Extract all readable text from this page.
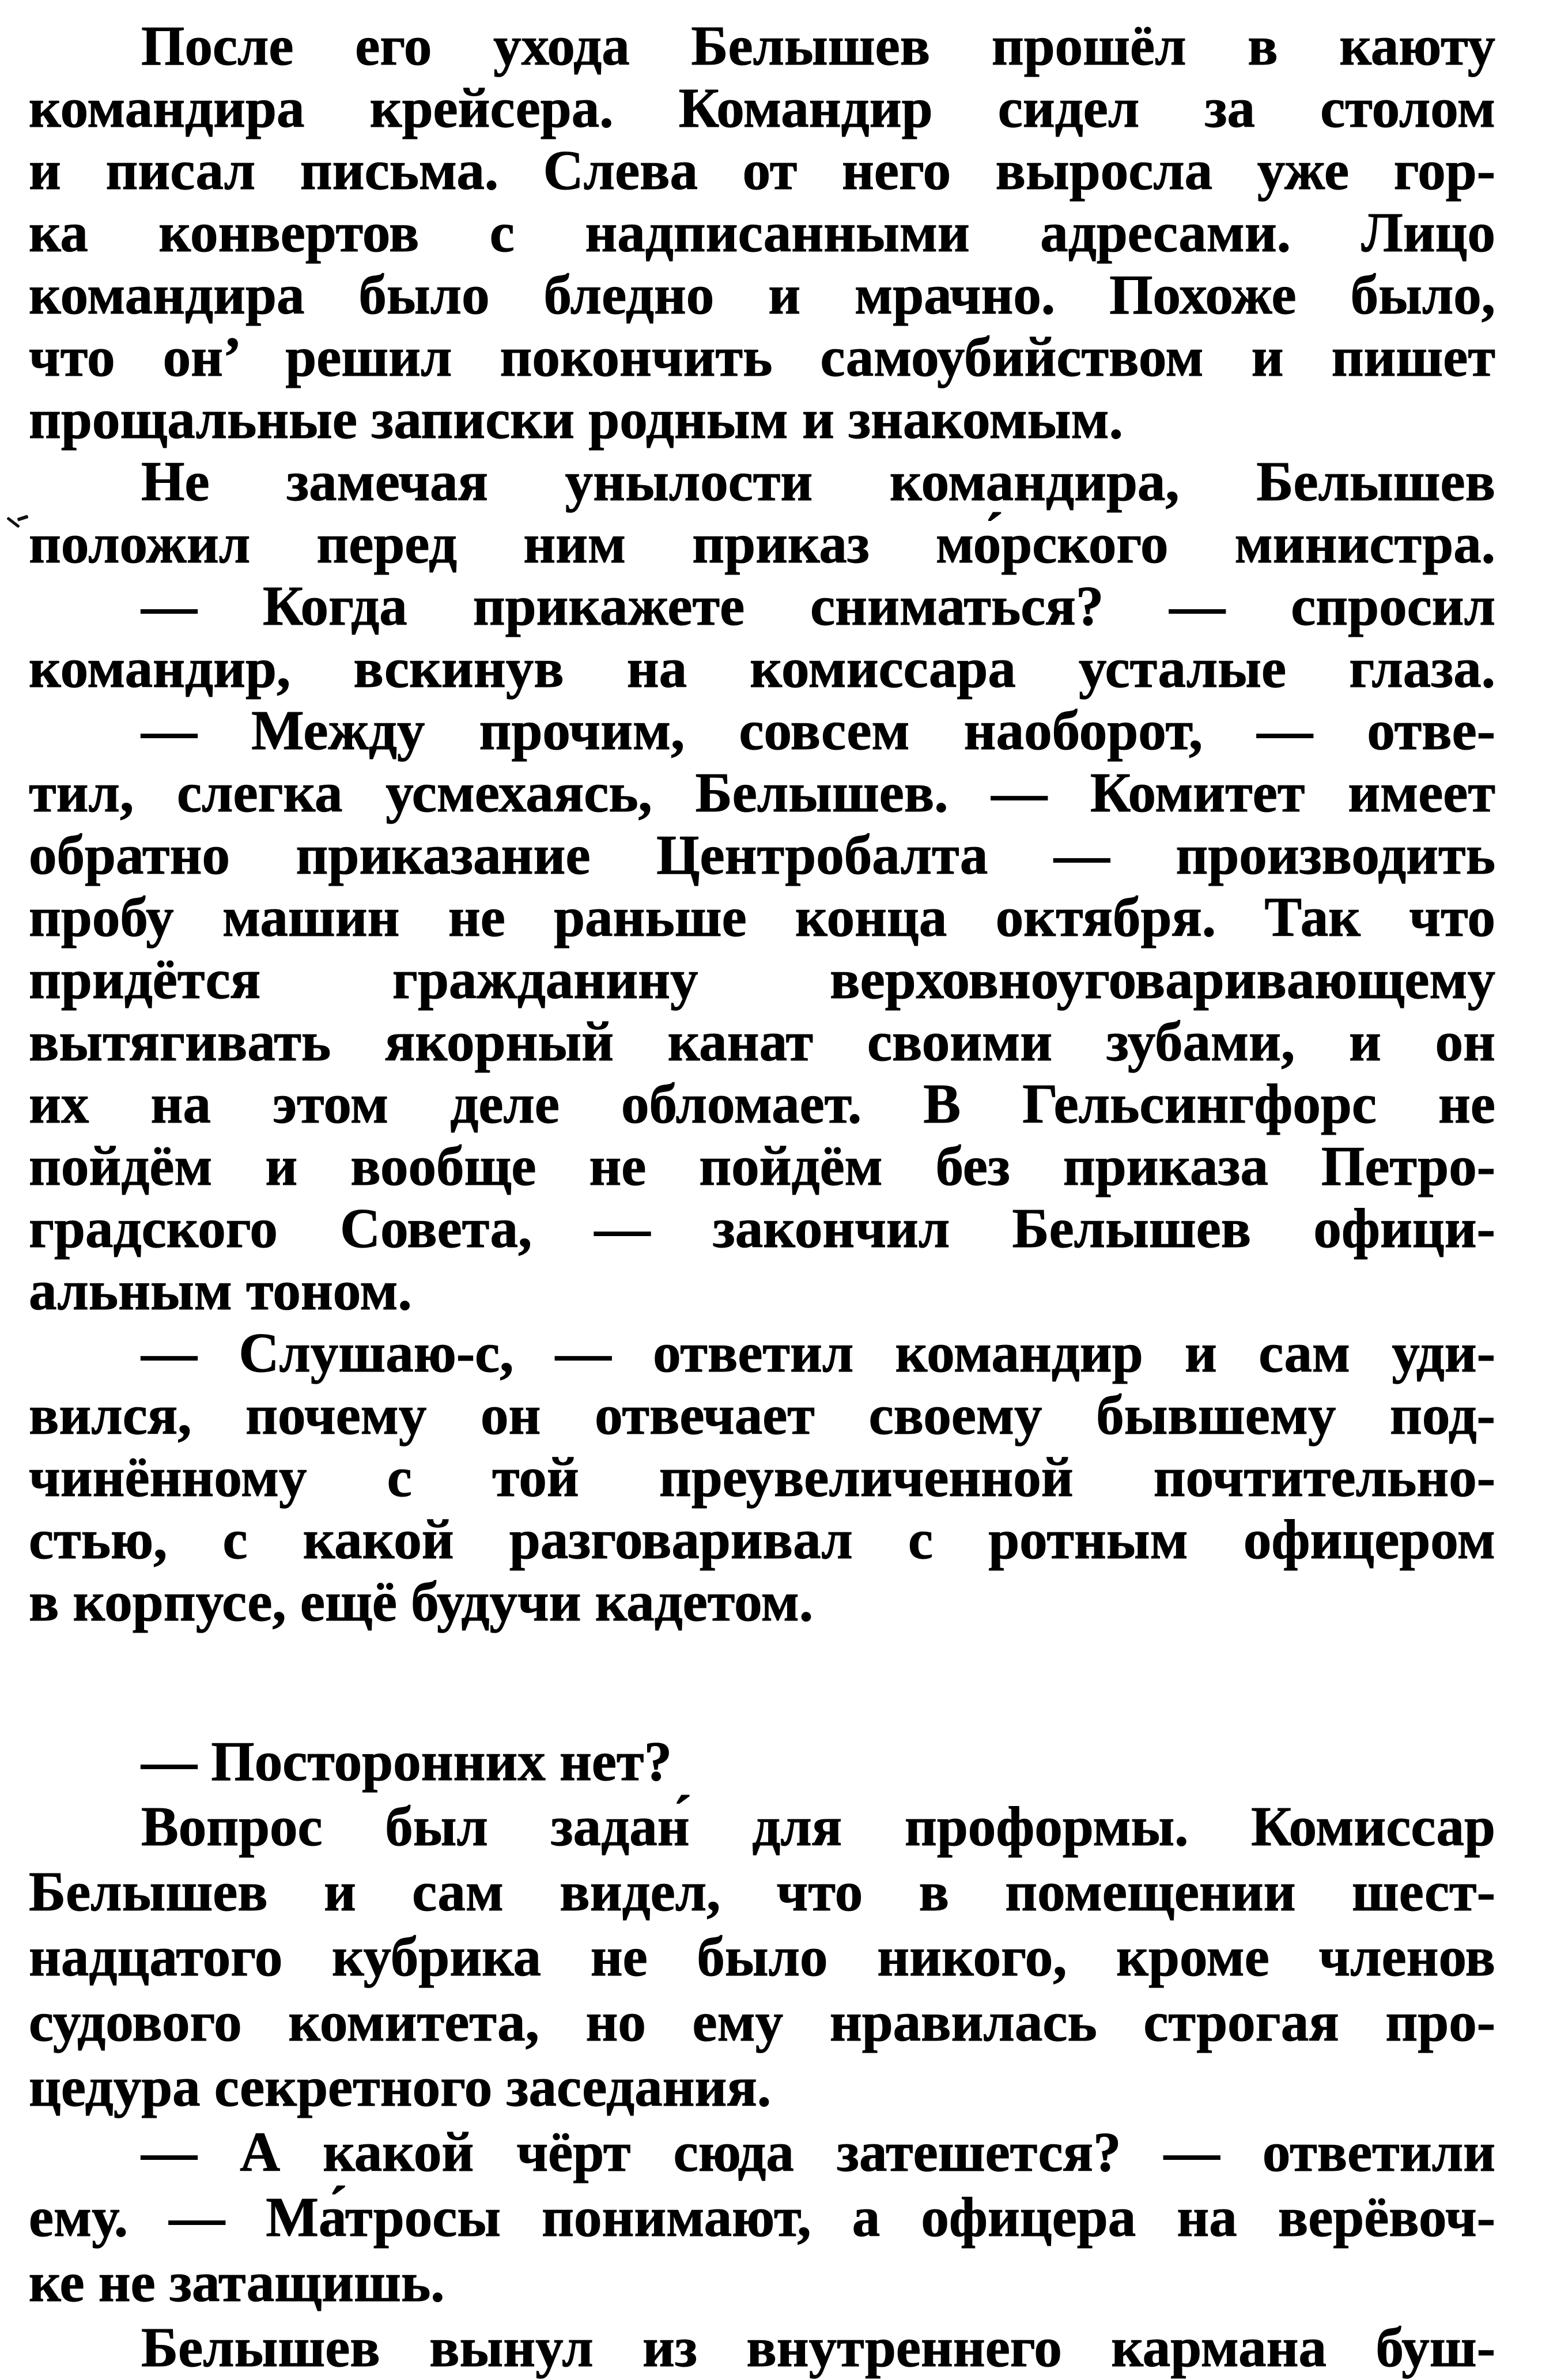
После его ухода Белышев прошёл в каюту
командира крейсера. Командир сидел за столом
и писал письма. Слева от него выросла уже гор-
ка конвертов с надписанными адресами. Лицо
командира было бледно и мрачно. Похоже было,
что он’ решил покончить самоубийством и пишет
прощальные записки родным и знакомым.
Не замечая унылости командира, Белышев
положил перед ним приказ мо́рского министра.
— Когда прикажете сниматься? — спросил
командир, вскинув на комиссара усталые глаза.
— Между прочим, совсем наоборот, — отве-
тил, слегка усмехаясь, Белышев. — Комитет имеет
обратно приказание Центробалта — производить
пробу машин не раньше конца октября. Так что
придётся гражданину верховноуговаривающему
вытягивать якорный канат своими зубами, и он
их на этом деле обломает. В Гельсингфорс не
пойдём и вообще не пойдём без приказа Петро-
градского Совета, — закончил Белышев офици-
альным тоном.
— Слушаю-с, — ответил командир и сам уди-
вился, почему он отвечает своему бывшему под-
чинённому с той преувеличенной почтительно-
стью, с какой разговаривал с ротным офицером
в корпусе, ещё будучи кадетом.
— Посторонних нет?
Вопрос был задан́ для проформы. Комиссар
Белышев и сам видел, что в помещении шест-
надцатого кубрика не было никого, кроме членов
судового комитета, но ему нравилась строгая про-
цедура секретного заседания.
— А какой чёрт сюда затешется? — ответили
ему. — Ма́тросы понимают, а офицера на верёвоч-
ке не затащишь.
Белышев вынул из внутреннего кармана буш-
